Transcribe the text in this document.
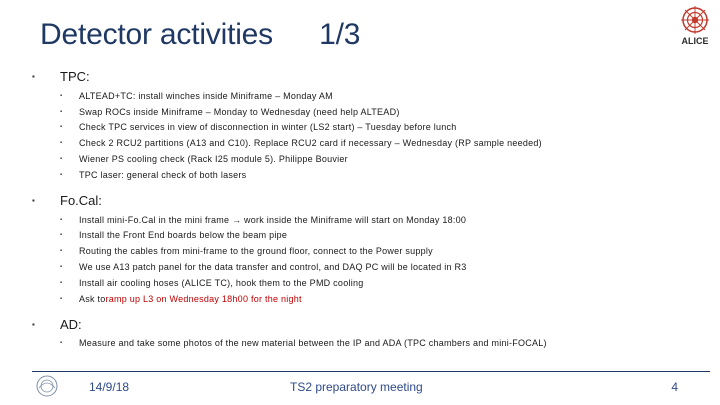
Detector activities 1/3	ALICE
▪	TPC:
▪	ALTEAD+TC: install winches inside Miniframe – Monday AM
▪	Swap ROCs inside Miniframe – Monday to Wednesday (need help ALTEAD)
▪	Check TPC services in view of disconnection in winter (LS2 start) – Tuesday before lunch
▪	Check 2 RCU2 partitions (A13 and C10). Replace RCU2 card if necessary – Wednesday (RP sample needed)
▪	Wiener PS cooling check (Rack I25 module 5). Philippe Bouvier
▪	TPC laser: general check of both lasers
▪	Fo.Cal:
▪	Install mini-Fo.Cal in the mini frame → work inside the Miniframe will start on Monday 18:00
▪	Install the Front End boards below the beam pipe
▪	Routing the cables from mini-frame to the ground floor, connect to the Power supply
▪	We use A13 patch panel for the data transfer and control, and DAQ PC will be located in R3
▪	Install air cooling hoses (ALICE TC), hook them to the PMD cooling
▪	Ask to ramp up L3 on Wednesday 18h00 for the night
▪	AD:
▪	Measure and take some photos of the new material between the IP and ADA (TPC chambers and mini-FOCAL)
14/9/18	TS2 preparatory meeting	4
